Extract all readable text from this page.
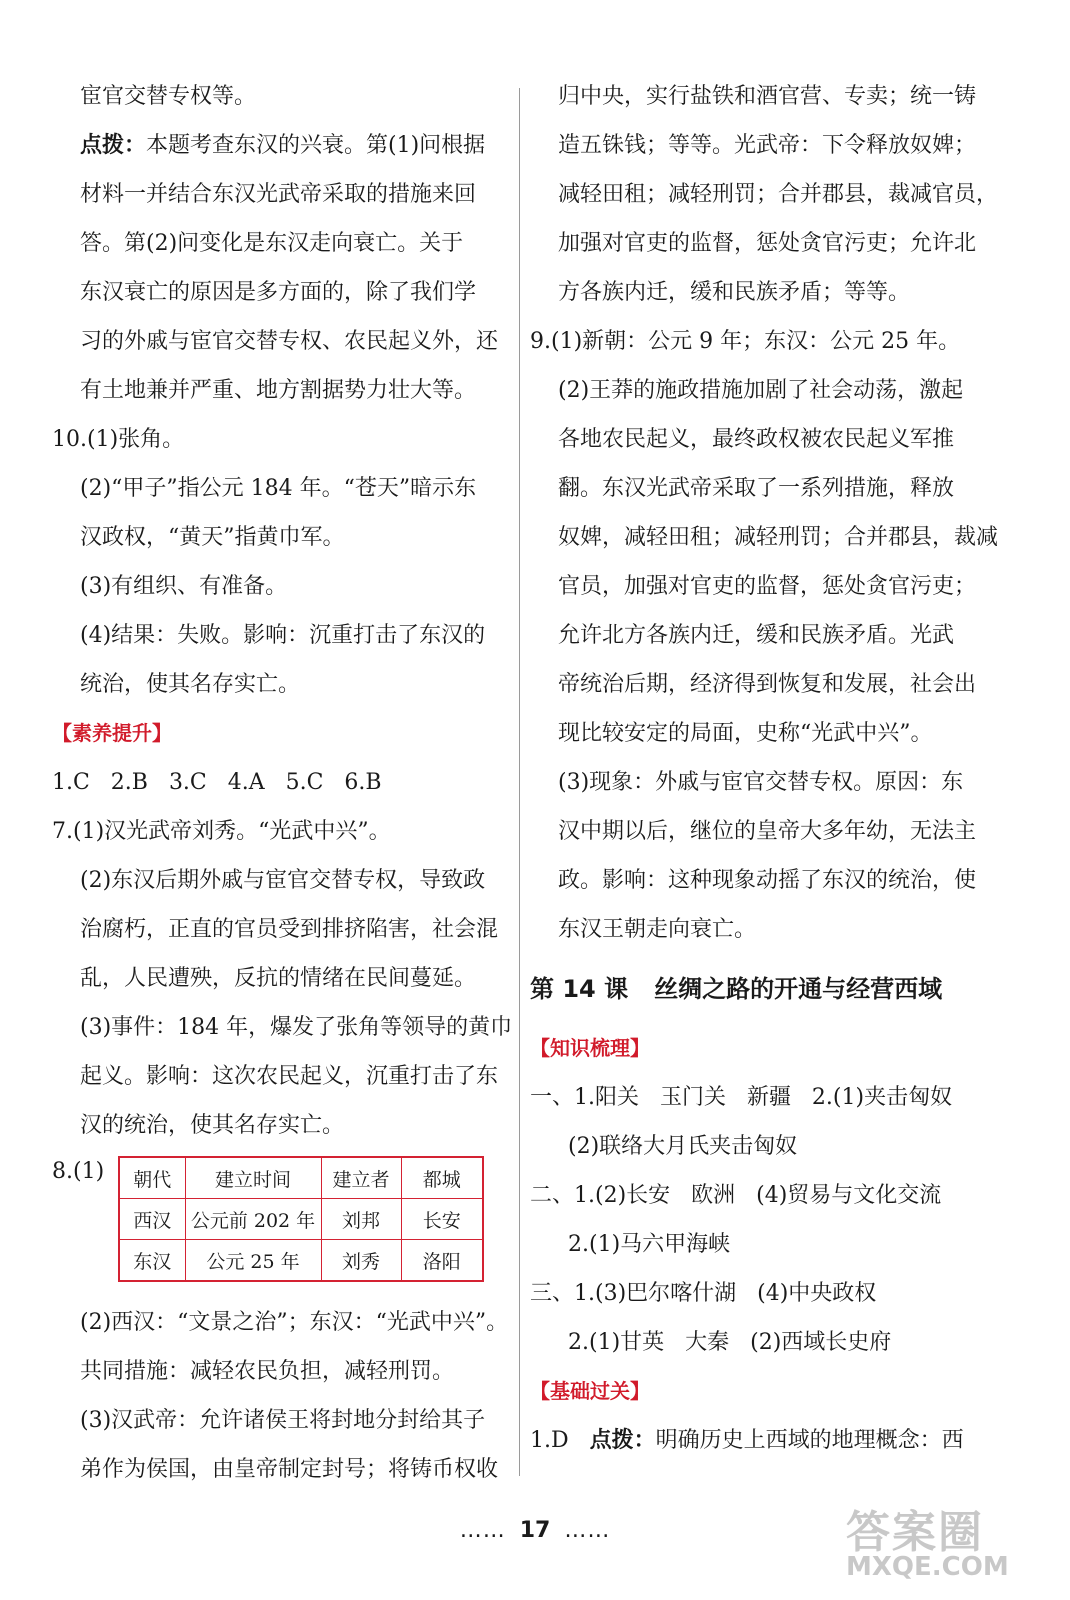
宦官交替专权等。
点拨：本题考查东汉的兴衰。第(1)问根据
材料一并结合东汉光武帝采取的措施来回
答。第(2)问变化是东汉走向衰亡。关于
东汉衰亡的原因是多方面的，除了我们学
习的外戚与宦官交替专权、农民起义外，还
有土地兼并严重、地方割据势力壮大等。
10.(1)张角。
(2)“甲子”指公元 184 年。“苍天”暗示东
汉政权，“黄天”指黄巾军。
(3)有组织、有准备。
(4)结果：失败。影响：沉重打击了东汉的
统治，使其名存实亡。
【素养提升】
1.C   2.B   3.C   4.A   5.C   6.B
7.(1)汉光武帝刘秀。“光武中兴”。
(2)东汉后期外戚与宦官交替专权，导致政
治腐朽，正直的官员受到排挤陷害，社会混
乱，人民遭殃，反抗的情绪在民间蔓延。
(3)事件：184 年，爆发了张角等领导的黄巾
起义。影响：这次农民起义，沉重打击了东
汉的统治，使其名存实亡。
8.(1) 朝代	建立时间	建立者	都城
西汉	公元前 202 年	刘邦	长安
东汉	公元 25 年	刘秀	洛阳
(2)西汉：“文景之治”；东汉：“光武中兴”。
共同措施：减轻农民负担，减轻刑罚。
(3)汉武帝：允许诸侯王将封地分封给其子
弟作为侯国，由皇帝制定封号；将铸币权收
归中央，实行盐铁和酒官营、专卖；统一铸
造五铢钱；等等。光武帝：下令释放奴婢；
减轻田租；减轻刑罚；合并郡县，裁减官员，
加强对官吏的监督，惩处贪官污吏；允许北
方各族内迁，缓和民族矛盾；等等。
9.(1)新朝：公元 9 年；东汉：公元 25 年。
(2)王莽的施政措施加剧了社会动荡，激起
各地农民起义，最终政权被农民起义军推
翻。东汉光武帝采取了一系列措施，释放
奴婢，减轻田租；减轻刑罚；合并郡县，裁减
官员，加强对官吏的监督，惩处贪官污吏；
允许北方各族内迁，缓和民族矛盾。光武
帝统治后期，经济得到恢复和发展，社会出
现比较安定的局面，史称“光武中兴”。
(3)现象：外戚与宦官交替专权。原因：东
汉中期以后，继位的皇帝大多年幼，无法主
政。影响：这种现象动摇了东汉的统治，使
东汉王朝走向衰亡。
第 14 课 丝绸之路的开通与经营西域
【知识梳理】
一、1.阳关   玉门关   新疆   2.(1)夹击匈奴
(2)联络大月氏夹击匈奴
二、1.(2)长安   欧洲   (4)贸易与文化交流
2.(1)马六甲海峡
三、1.(3)巴尔喀什湖   (4)中央政权
2.(1)甘英   大秦   (2)西域长史府
【基础过关】
1.D   点拨：明确历史上西域的地理概念：西
…… 17 ……	答案圈
MXQE.COM
